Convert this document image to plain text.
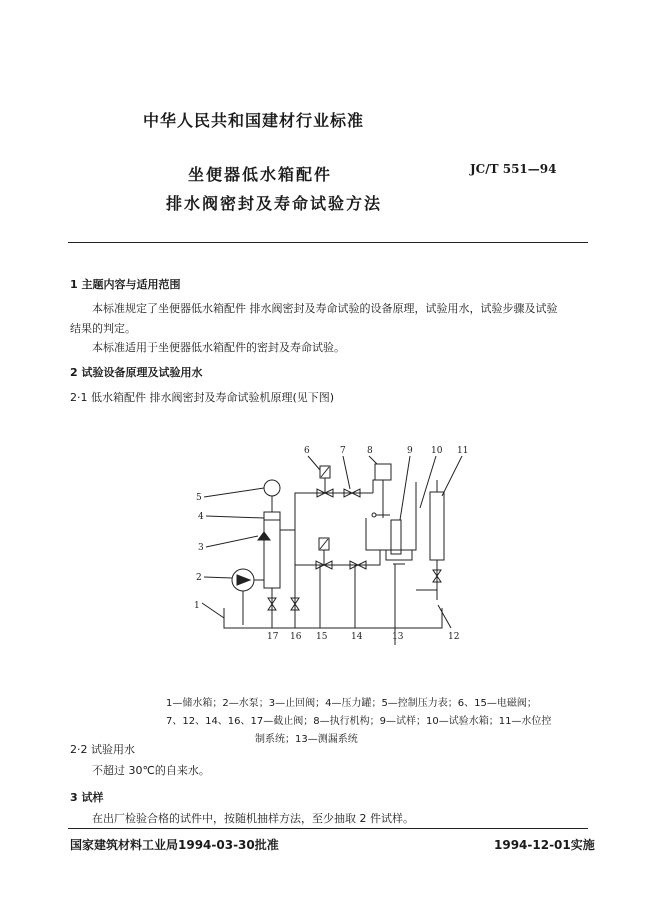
中华人民共和国建材行业标准
坐便器低水箱配件	JC/T 551—94
排水阀密封及寿命试验方法
1 主题内容与适用范围
本标准规定了坐便器低水箱配件 排水阀密封及寿命试验的设备原理，试验用水，试验步骤及试验
结果的判定。
本标准适用于坐便器低水箱配件的密封及寿命试验。
2 试验设备原理及试验用水
2·1 低水箱配件 排水阀密封及寿命试验机原理(见下图)
1
2
3
4
5
6	7 8	9 10 11
12
13
14
15
16
17
1—储水箱；2—水泵；3—止回阀；4—压力罐；5—控制压力表；6、15—电磁阀；
7、12、14、16、17—截止阀；8—执行机构；9—试样；10—试验水箱；11—水位控
制系统；13—测漏系统
2·2 试验用水
不超过 30℃的自来水。
3 试样
在出厂检验合格的试件中，按随机抽样方法，至少抽取 2 件试样。
国家建筑材料工业局1994-03-30批准	1994-12-01实施
